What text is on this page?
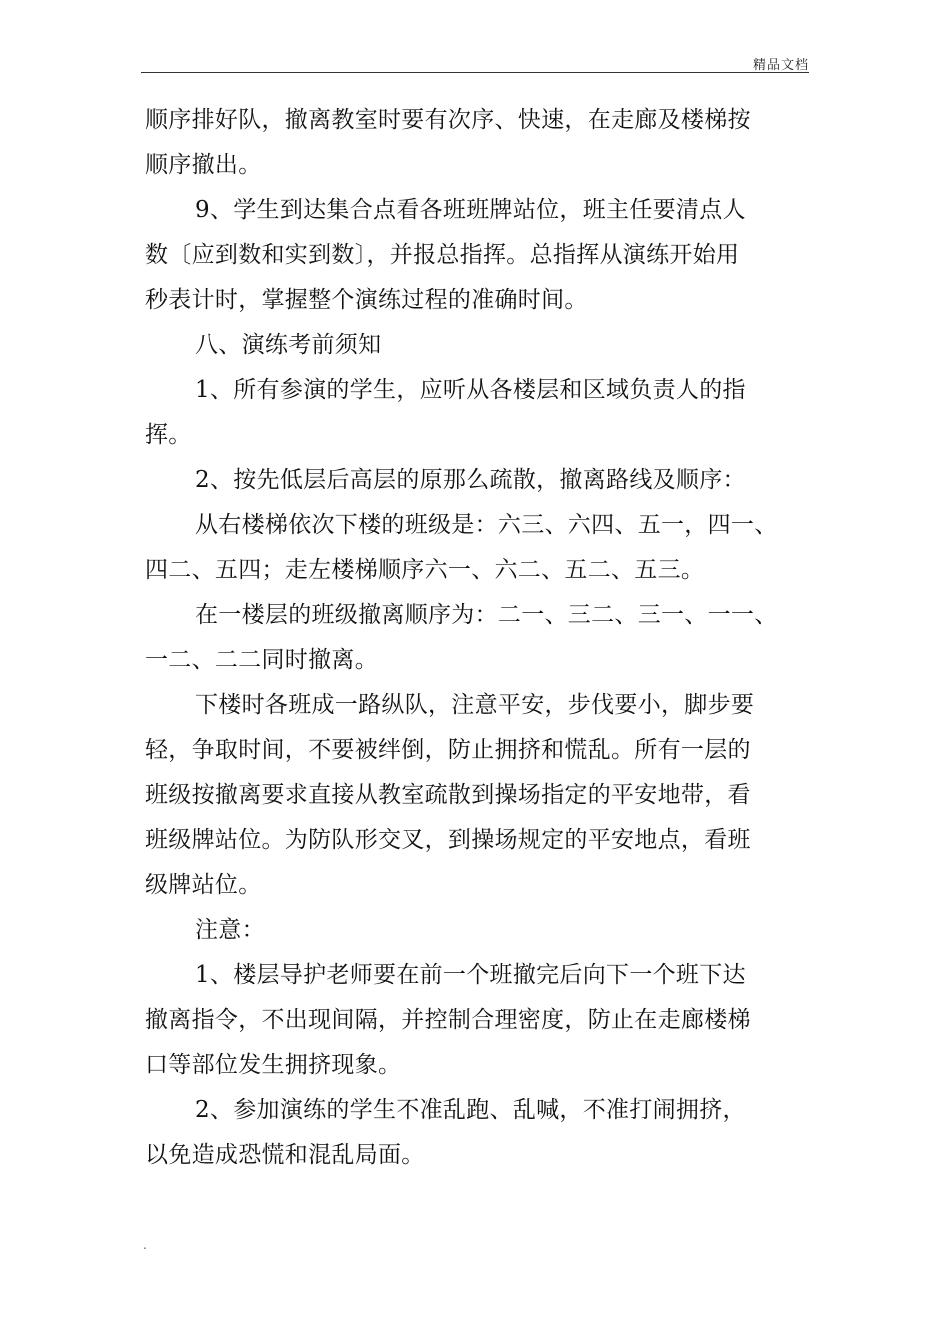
精品文档
顺序排好队，撤离教室时要有次序、快速，在走廊及楼梯按
顺序撤出。
9、学生到达集合点看各班班牌站位，班主任要清点人
数〔应到数和实到数〕，并报总指挥。总指挥从演练开始用
秒表计时，掌握整个演练过程的准确时间。
八、演练考前须知
1、所有参演的学生，应听从各楼层和区域负责人的指
挥。
2、按先低层后高层的原那么疏散，撤离路线及顺序：
从右楼梯依次下楼的班级是：六三、六四、五一，四一、
四二、五四；走左楼梯顺序六一、六二、五二、五三。
在一楼层的班级撤离顺序为：二一、三二、三一、一一、
一二、二二同时撤离。
下楼时各班成一路纵队，注意平安，步伐要小，脚步要
轻，争取时间，不要被绊倒，防止拥挤和慌乱。所有一层的
班级按撤离要求直接从教室疏散到操场指定的平安地带，看
班级牌站位。为防队形交叉，到操场规定的平安地点，看班
级牌站位。
注意：
1、楼层导护老师要在前一个班撤完后向下一个班下达
撤离指令，不出现间隔，并控制合理密度，防止在走廊楼梯
口等部位发生拥挤现象。
2、参加演练的学生不准乱跑、乱喊，不准打闹拥挤，
以免造成恐慌和混乱局面。
.
